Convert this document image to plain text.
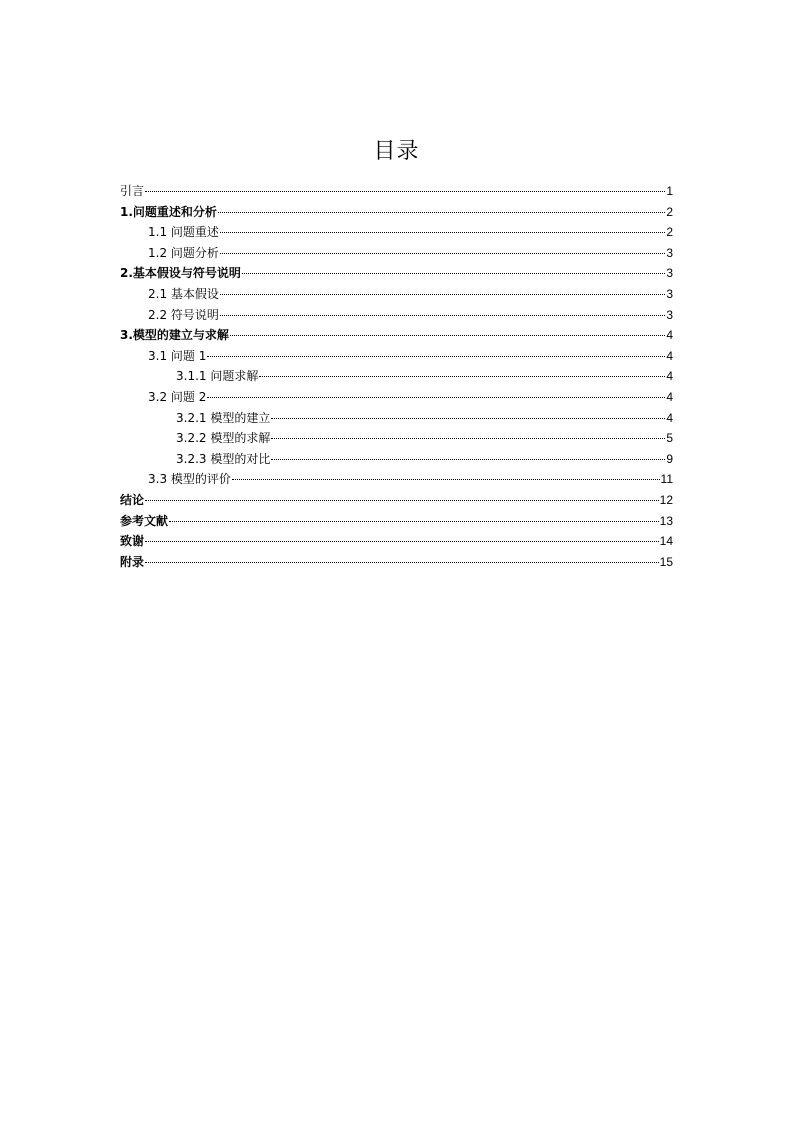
目录
引言	1
1.问题重述和分析	2
1.1 问题重述	2
1.2 问题分析	3
2.基本假设与符号说明	3
2.1 基本假设	3
2.2 符号说明	3
3.模型的建立与求解	4
3.1 问题 1	4
3.1.1 问题求解	4
3.2 问题 2	4
3.2.1 模型的建立	4
3.2.2 模型的求解	5
3.2.3 模型的对比	9
3.3 模型的评价	11
结论	12
参考文献	13
致谢	14
附录	15
